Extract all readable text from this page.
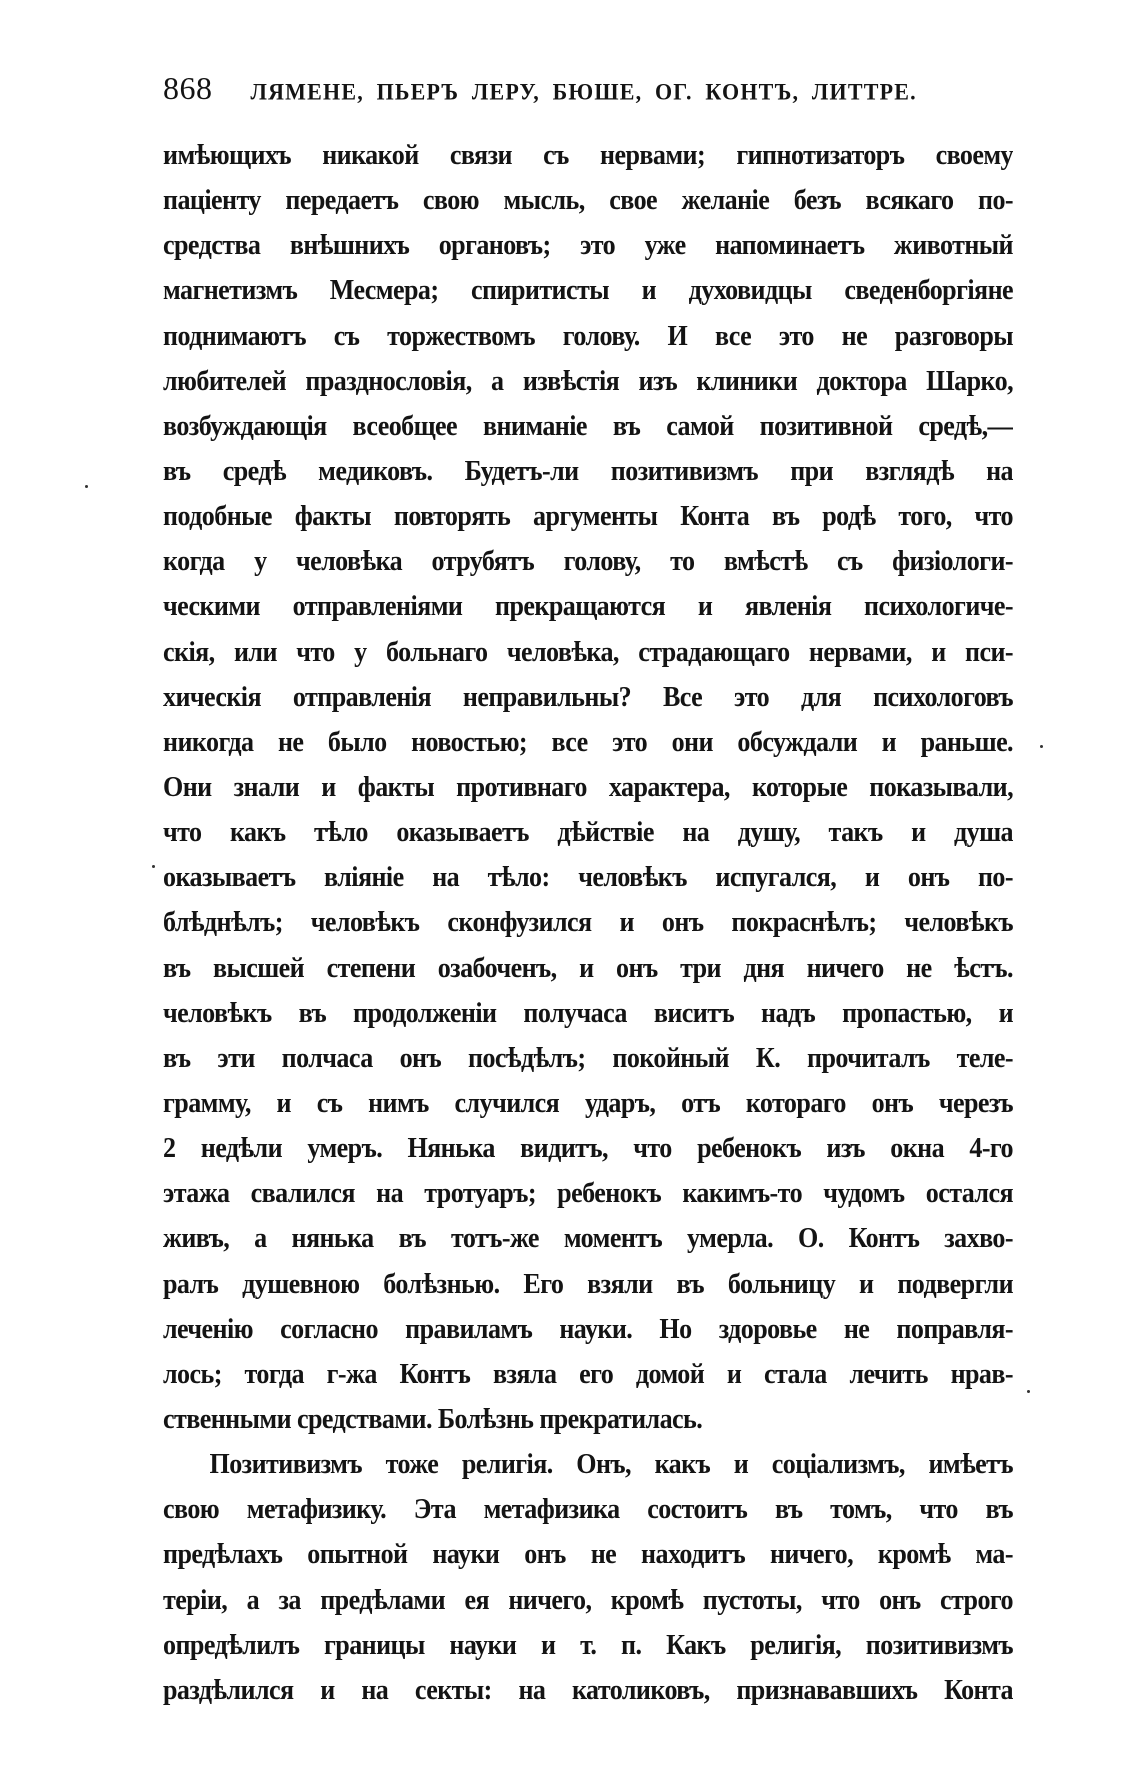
868 ЛЯМЕНЕ, ПЬЕРЪ ЛЕРУ, БЮШЕ, ОГ. КОНТЪ, ЛИТТРЕ.
имѣющихъ никакой связи съ нервами; гипнотизаторъ своему
паціенту передаетъ свою мысль, свое желаніе безъ всякаго по-
средства внѣшнихъ органовъ; это уже напоминаетъ животный
магнетизмъ Месмера; спиритисты и духовидцы сведенборгіяне
поднимаютъ съ торжествомъ голову. И все это не разговоры
любителей празднословія, а извѣстія изъ клиники доктора Шарко,
возбуждающія всеобщее вниманіе въ самой позитивной средѣ,—
въ средѣ медиковъ. Будетъ-ли позитивизмъ при взглядѣ на
подобные факты повторять аргументы Конта въ родѣ того, что
когда у человѣка отрубятъ голову, то вмѣстѣ съ физіологи-
ческими отправленіями прекращаются и явленія психологиче-
скія, или что у больнаго человѣка, страдающаго нервами, и пси-
хическія отправленія неправильны? Все это для психологовъ
никогда не было новостью; все это они обсуждали и раньше.
Они знали и факты противнаго характера, которые показывали,
что какъ тѣло оказываетъ дѣйствіе на душу, такъ и душа
оказываетъ вліяніе на тѣло: человѣкъ испугался, и онъ по-
блѣднѣлъ; человѣкъ сконфузился и онъ покраснѣлъ; человѣкъ
въ высшей степени озабоченъ, и онъ три дня ничего не ѣстъ.
человѣкъ въ продолженіи получаса виситъ надъ пропастью, и
въ эти полчаса онъ посѣдѣлъ; покойный К. прочиталъ теле-
грамму, и съ нимъ случился ударъ, отъ котораго онъ черезъ
2 недѣли умеръ. Нянька видитъ, что ребенокъ изъ окна 4-го
этажа свалился на тротуаръ; ребенокъ какимъ-то чудомъ остался
живъ, а нянька въ тотъ-же моментъ умерла. О. Контъ захво-
ралъ душевною болѣзнью. Его взяли въ больницу и подвергли
леченію согласно правиламъ науки. Но здоровье не поправля-
лось; тогда г-жа Контъ взяла его домой и стала лечить нрав-
ственными средствами. Болѣзнь прекратилась.
Позитивизмъ тоже религія. Онъ, какъ и соціализмъ, имѣетъ
свою метафизику. Эта метафизика состоитъ въ томъ, что въ
предѣлахъ опытной науки онъ не находитъ ничего, кромѣ ма-
теріи, а за предѣлами ея ничего, кромѣ пустоты, что онъ строго
опредѣлилъ границы науки и т. п. Какъ религія, позитивизмъ
раздѣлился и на секты: на католиковъ, признававшихъ Конта
